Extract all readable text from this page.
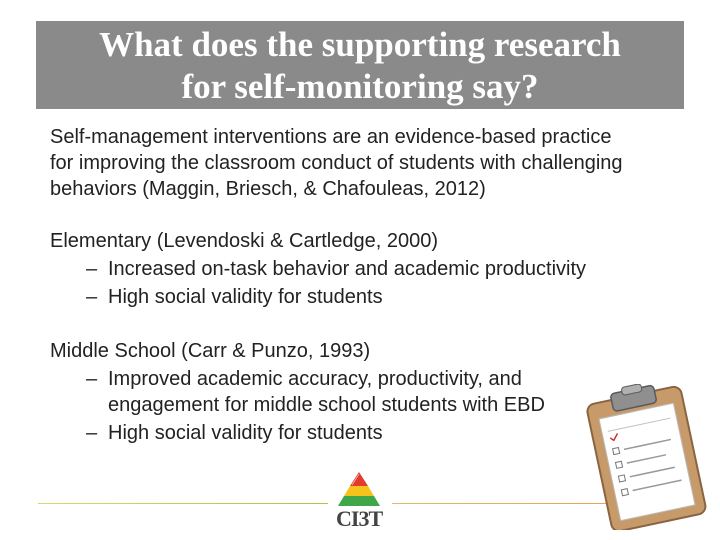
What does the supporting research
for self-monitoring say?

Self-management interventions are an evidence-based practice
for improving the classroom conduct of students with challenging
behaviors (Maggin, Briesch, & Chafouleas, 2012)

Elementary (Levendoski & Cartledge, 2000)
– Increased on-task behavior and academic productivity
– High social validity for students
Middle School (Carr & Punzo, 1993)
– Improved academic accuracy, productivity, and
engagement for middle school students with EBD
– High social validity for students
CI3T
